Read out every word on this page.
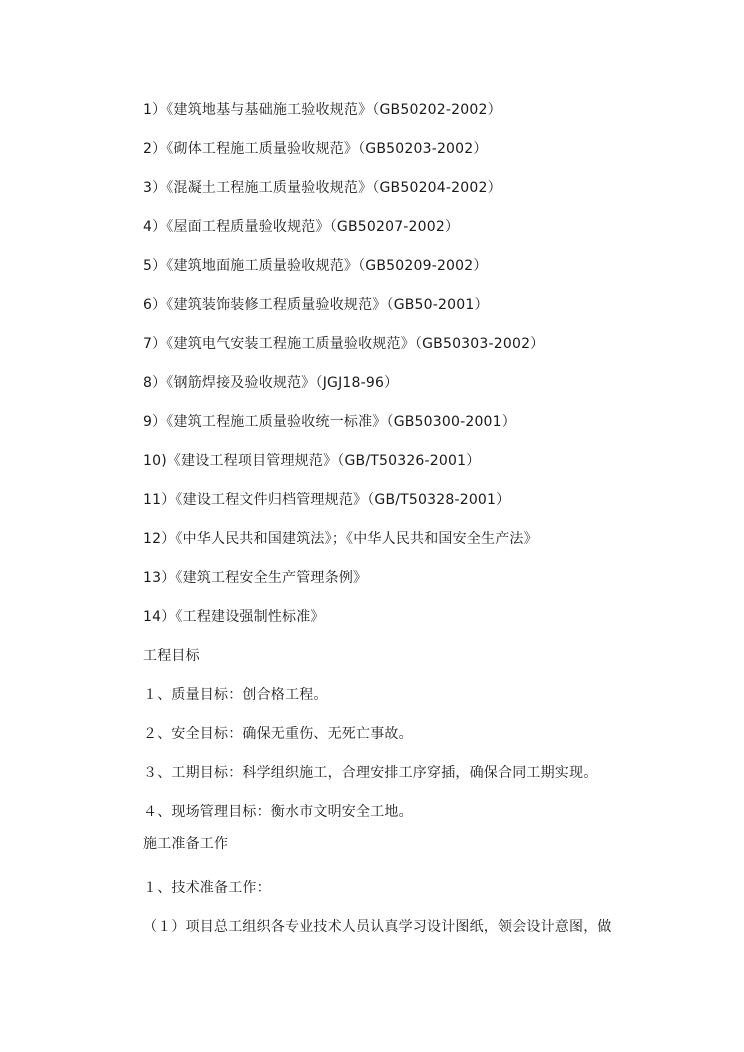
1）《建筑地基与基础施工验收规范》（GB50202-2002）
2）《砌体工程施工质量验收规范》（GB50203-2002）
3）《混凝土工程施工质量验收规范》（GB50204-2002）
4）《屋面工程质量验收规范》（GB50207-2002）
5）《建筑地面施工质量验收规范》（GB50209-2002）
6）《建筑装饰装修工程质量验收规范》（GB50-2001）
7）《建筑电气安装工程施工质量验收规范》（GB50303-2002）
8）《钢筋焊接及验收规范》（JGJ18-96）
9）《建筑工程施工质量验收统一标准》（GB50300-2001）
10)《建设工程项目管理规范》（GB/T50326-2001）
11）《建设工程文件归档管理规范》（GB/T50328-2001）
12）《中华人民共和国建筑法》；《中华人民共和国安全生产法》
13）《建筑工程安全生产管理条例》
14）《工程建设强制性标准》
工程目标
１、质量目标：创合格工程。
２、安全目标：确保无重伤、无死亡事故。
３、工期目标：科学组织施工，合理安排工序穿插，确保合同工期实现。
４、现场管理目标：衡水市文明安全工地。
施工准备工作
１、技术准备工作：
（１）项目总工组织各专业技术人员认真学习设计图纸，领会设计意图，做
